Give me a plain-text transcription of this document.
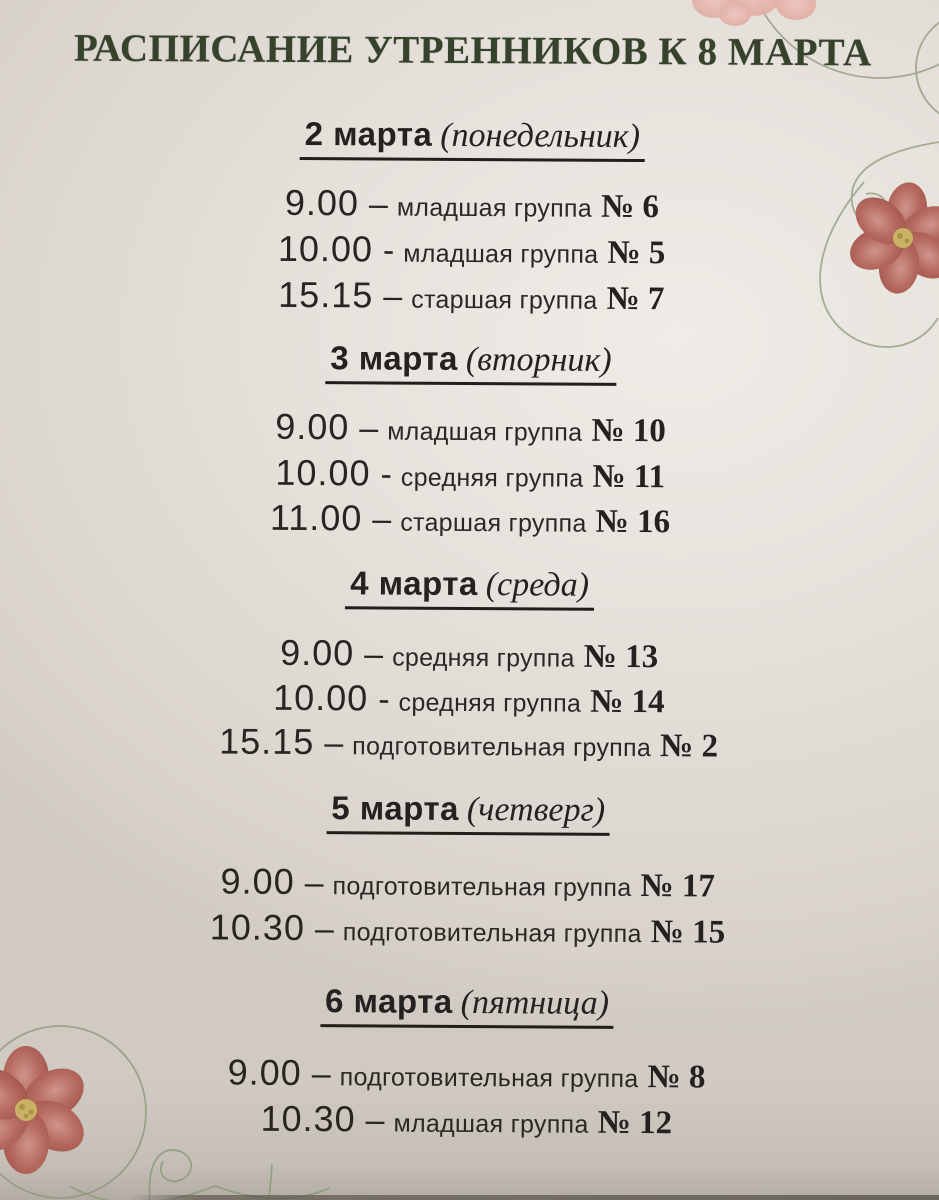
РАСПИСАНИЕ УТРЕННИКОВ К 8 МАРТА
2 марта (понедельник)
9.00 – младшая группа № 6
10.00 - младшая группа № 5
15.15 – старшая группа № 7
3 марта (вторник)
9.00 – младшая группа № 10
10.00 - средняя группа № 11
11.00 – старшая группа № 16
4 марта (среда)
9.00 – средняя группа № 13
10.00 - средняя группа № 14
15.15 – подготовительная группа № 2
5 марта (четверг)
9.00 – подготовительная группа № 17
10.30 – подготовительная группа № 15
6 марта (пятница)
9.00 – подготовительная группа № 8
10.30 – младшая группа № 12
